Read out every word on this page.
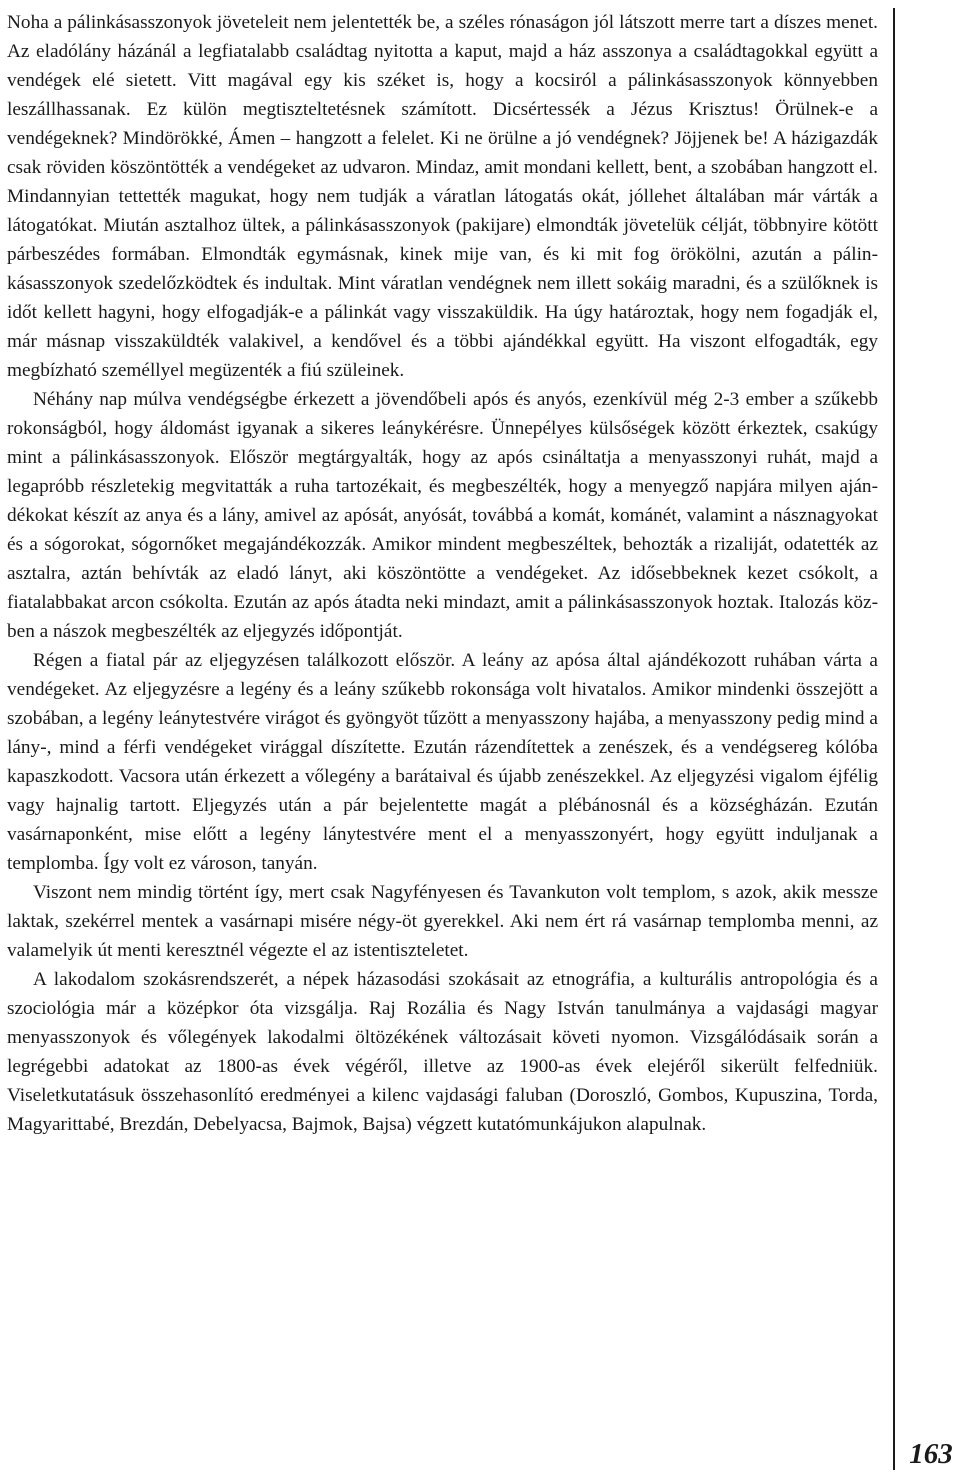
Noha a pálinkásasszonyok jöveteleit nem jelentették be, a széles rónaságon jól látszott merre tart a díszes menet. Az eladólány házánál a legfiatalabb családtag nyitotta a kaput, majd a ház asszonya a családtagokkal együtt a vendégek elé sietett. Vitt magával egy kis széket is, hogy a kocsiról a pálinkásasszonyok könnyebben leszállhassanak. Ez külön megtiszteltetésnek számított. Dicsértessék a Jézus Krisztus! Örülnek-e a vendégeknek? Mindörökké, Ámen – hangzott a felelet. Ki ne örülne a jó vendégnek? Jöjjenek be! A házigazdák csak röviden köszöntötték a vendégeket az udvaron. Mindaz, amit mondani kellett, bent, a szobában hangzott el. Mindannyian tettették magukat, hogy nem tudják a váratlan látogatás okát, jóllehet általában már várták a látogatókat. Miután asztalhoz ültek, a pálinkásasszonyok (pakijare) elmondták jövetelük célját, többnyire kötött párbeszédes formában. Elmondták egymásnak, kinek mije van, és ki mit fog örökölni, azután a pálinkásasszonyok szedelőzködtek és indultak. Mint váratlan vendégnek nem illett sokáig maradni, és a szülőknek is időt kellett hagyni, hogy elfogadják-e a pálinkát vagy visszaküldik. Ha úgy határoztak, hogy nem fogadják el, már másnap visszaküldték valakivel, a kendővel és a többi ajándékkal együtt. Ha viszont elfogadták, egy megbízható személlyel megüzenték a fiú szüleinek.

Néhány nap múlva vendégségbe érkezett a jövendőbeli após és anyós, ezenkívül még 2-3 ember a szűkebb rokonságból, hogy áldomást igyanak a sikeres leánykérésre. Ünnepélyes külsőségek között érkeztek, csakúgy mint a pálinkásasszonyok. Először megtárgyalták, hogy az após csináltatja a menyasszonyi ruhát, majd a legapróbb részletekig megvitatták a ruha tartozékait, és megbeszélték, hogy a menyegző napjára milyen ajándékokat készít az anya és a lány, amivel az apósát, anyósát, továbbá a komát, kománét, valamint a násznagyokat és a sógorokat, sógornőket megajándékozzák. Amikor mindent megbeszéltek, behozták a rizaliját, odatették az asztalra, aztán behívták az eladó lányt, aki köszöntötte a vendégeket. Az idősebbeknek kezet csókolt, a fiatalabbakat arcon csókolta. Ezután az após átadta neki mindazt, amit a pálinkásasszonyok hoztak. Italozás közben a nászok megbeszélték az eljegyzés időpontját.

Régen a fiatal pár az eljegyzésen találkozott először. A leány az apósa által ajándékozott ruhában várta a vendégeket. Az eljegyzésre a legény és a leány szűkebb rokonsága volt hivatalos. Amikor mindenki összejött a szobában, a legény leánytestvére virágot és gyöngyöt tűzött a menyasszony hajába, a menyasszony pedig mind a lány-, mind a férfi vendégeket virággal díszítette. Ezután rázendítettek a zenészek, és a vendégsereg kólóba kapaszkodott. Vacsora után érkezett a vőlegény a barátaival és újabb zenészekkel. Az eljegyzési vigalom éjfélig vagy hajnalig tartott. Eljegyzés után a pár bejelentette magát a plébánosnál és a községházán. Ezután vasárnaponként, mise előtt a legény lánytestvére ment el a menyasszonyért, hogy együtt induljanak a templomba. Így volt ez városon, tanyán.

Viszont nem mindig történt így, mert csak Nagyfényesen és Tavankuton volt templom, s azok, akik messze laktak, szekérrel mentek a vasárnapi misére négy-öt gyerekkel. Aki nem ért rá vasárnap templomba menni, az valamelyik út menti keresztnél végezte el az istentiszteletet.

A lakodalom szokásrendszerét, a népek házasodási szokásait az etnográfia, a kulturális antropológia és a szociológia már a középkor óta vizsgálja. Raj Rozália és Nagy István tanulmánya a vajdasági magyar menyasszonyok és vőlegények lakodalmi öltözékének változásait követi nyomon. Vizsgálódásaik során a legrégebbi adatokat az 1800-as évek végéről, illetve az 1900-as évek elejéről sikerült felfedniük. Viseletkutatásuk összehasonlító eredményei a kilenc vajdasági faluban (Doroszló, Gombos, Kupuszina, Torda, Magyarittabé, Brezdán, Debelyacsa, Bajmok, Bajsa) végzett kutatómunkájukon alapulnak.

163
